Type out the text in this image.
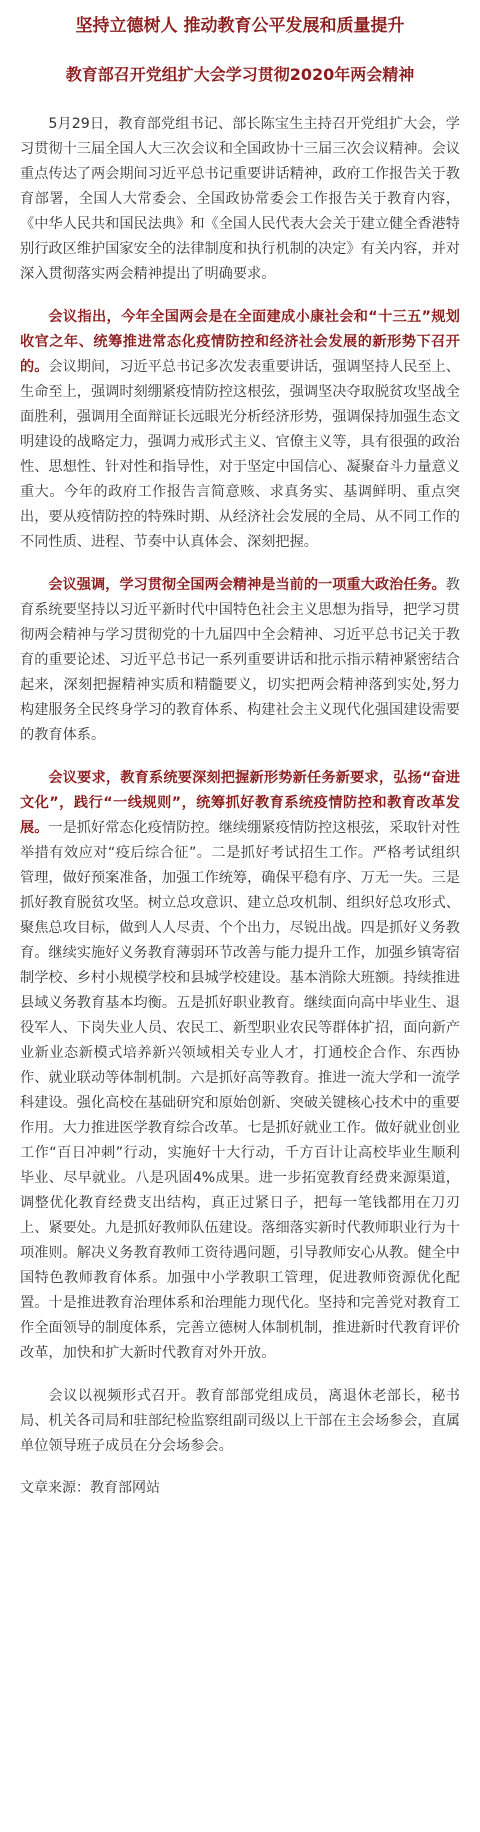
坚持立德树人 推动教育公平发展和质量提升
教育部召开党组扩大会学习贯彻2020年两会精神

5月29日，教育部党组书记、部长陈宝生主持召开党组扩大会，学习贯彻十三届全国人大三次会议和全国政协十三届三次会议精神。会议重点传达了两会期间习近平总书记重要讲话精神，政府工作报告关于教育部署，全国人大常委会、全国政协常委会工作报告关于教育内容，《中华人民共和国民法典》和《全国人民代表大会关于建立健全香港特别行政区维护国家安全的法律制度和执行机制的决定》有关内容，并对深入贯彻落实两会精神提出了明确要求。

会议指出，今年全国两会是在全面建成小康社会和“十三五”规划收官之年、统筹推进常态化疫情防控和经济社会发展的新形势下召开的。会议期间，习近平总书记多次发表重要讲话，强调坚持人民至上、生命至上，强调时刻绷紧疫情防控这根弦，强调坚决夺取脱贫攻坚战全面胜利，强调用全面辩证长远眼光分析经济形势，强调保持加强生态文明建设的战略定力，强调力戒形式主义、官僚主义等，具有很强的政治性、思想性、针对性和指导性，对于坚定中国信心、凝聚奋斗力量意义重大。今年的政府工作报告言简意赅、求真务实、基调鲜明、重点突出，要从疫情防控的特殊时期、从经济社会发展的全局、从不同工作的不同性质、进程、节奏中认真体会、深刻把握。

会议强调，学习贯彻全国两会精神是当前的一项重大政治任务。教育系统要坚持以习近平新时代中国特色社会主义思想为指导，把学习贯彻两会精神与学习贯彻党的十九届四中全会精神、习近平总书记关于教育的重要论述、习近平总书记一系列重要讲话和批示指示精神紧密结合起来，深刻把握精神实质和精髓要义，切实把两会精神落到实处,努力构建服务全民终身学习的教育体系、构建社会主义现代化强国建设需要的教育体系。

会议要求，教育系统要深刻把握新形势新任务新要求，弘扬“奋进文化”，践行“一线规则”，统筹抓好教育系统疫情防控和教育改革发展。一是抓好常态化疫情防控。继续绷紧疫情防控这根弦，采取针对性举措有效应对“疫后综合征”。二是抓好考试招生工作。严格考试组织管理，做好预案准备，加强工作统筹，确保平稳有序、万无一失。三是抓好教育脱贫攻坚。树立总攻意识、建立总攻机制、组织好总攻形式、聚焦总攻目标，做到人人尽责、个个出力，尽锐出战。四是抓好义务教育。继续实施好义务教育薄弱环节改善与能力提升工作，加强乡镇寄宿制学校、乡村小规模学校和县城学校建设。基本消除大班额。持续推进县域义务教育基本均衡。五是抓好职业教育。继续面向高中毕业生、退役军人、下岗失业人员、农民工、新型职业农民等群体扩招，面向新产业新业态新模式培养新兴领域相关专业人才，打通校企合作、东西协作、就业联动等体制机制。六是抓好高等教育。推进一流大学和一流学科建设。强化高校在基础研究和原始创新、突破关键核心技术中的重要作用。大力推进医学教育综合改革。七是抓好就业工作。做好就业创业工作“百日冲刺”行动，实施好十大行动，千方百计让高校毕业生顺利毕业、尽早就业。八是巩固4%成果。进一步拓宽教育经费来源渠道，调整优化教育经费支出结构，真正过紧日子，把每一笔钱都用在刀刃上、紧要处。九是抓好教师队伍建设。落细落实新时代教师职业行为十项准则。解决义务教育教师工资待遇问题，引导教师安心从教。健全中国特色教师教育体系。加强中小学教职工管理，促进教师资源优化配置。十是推进教育治理体系和治理能力现代化。坚持和完善党对教育工作全面领导的制度体系，完善立德树人体制机制，推进新时代教育评价改革，加快和扩大新时代教育对外开放。

会议以视频形式召开。教育部部党组成员，离退休老部长，秘书局、机关各司局和驻部纪检监察组副司级以上干部在主会场参会，直属单位领导班子成员在分会场参会。

文章来源：教育部网站
